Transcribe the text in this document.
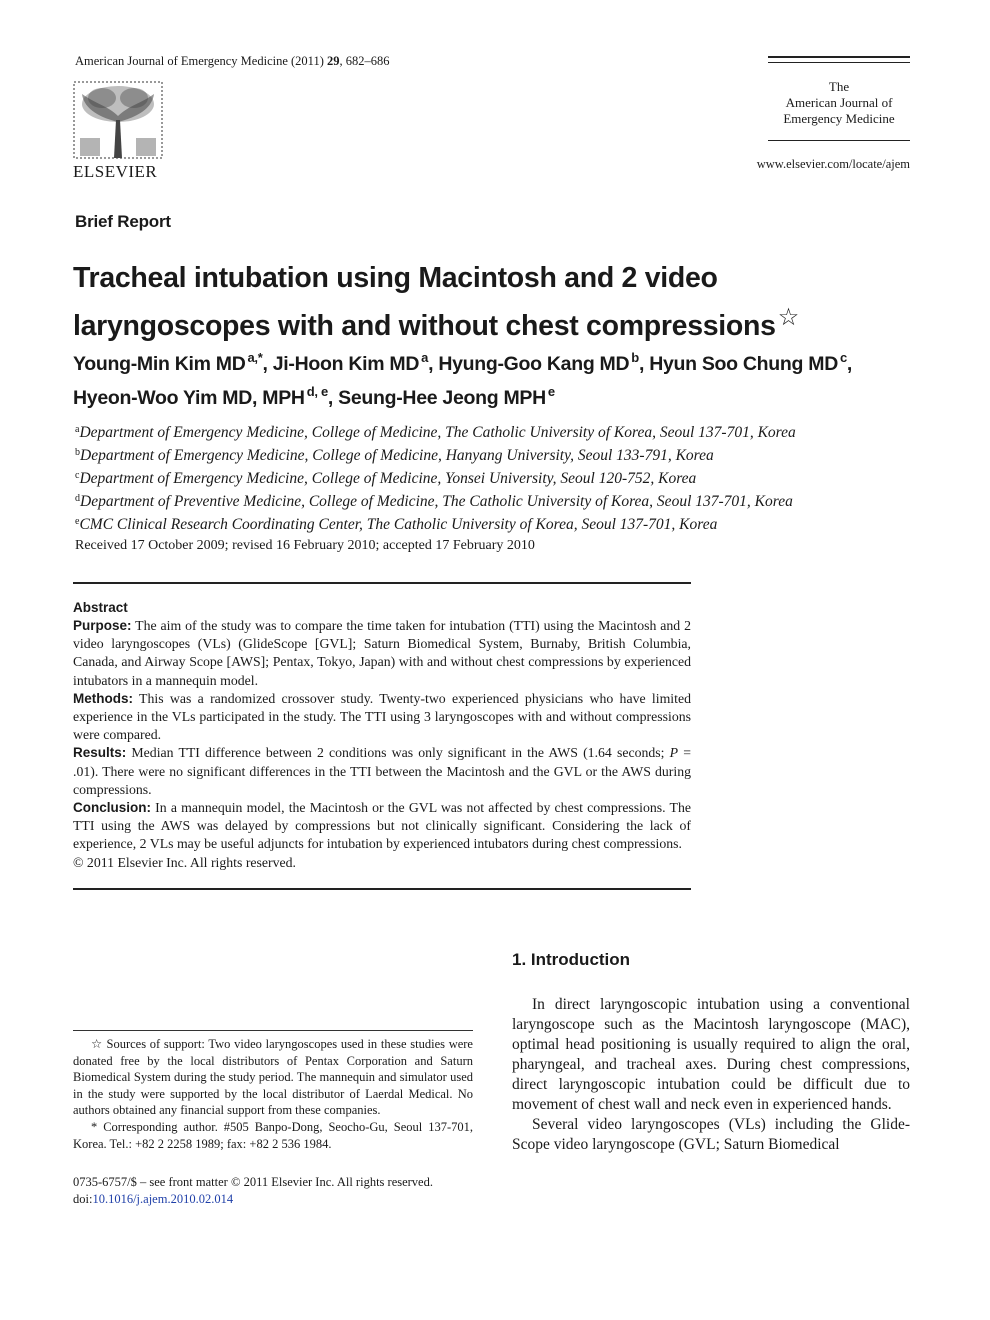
American Journal of Emergency Medicine (2011) 29, 682–686
ELSEVIER
The
American Journal of
Emergency Medicine
www.elsevier.com/locate/ajem
Brief Report
Tracheal intubation using Macintosh and 2 video
laryngoscopes with and without chest compressions☆
Young-Min Kim MD $^{a,*}$, Ji-Hoon Kim MD $^a$, Hyung-Goo Kang MD $^b$, Hyun Soo Chung MD $^c$,
Hyeon-Woo Yim MD, MPH $^{d, e}$, Seung-Hee Jeong MPH $^e$
$^a$Department of Emergency Medicine, College of Medicine, The Catholic University of Korea, Seoul 137-701, Korea
$^b$Department of Emergency Medicine, College of Medicine, Hanyang University, Seoul 133-791, Korea
$^c$Department of Emergency Medicine, College of Medicine, Yonsei University, Seoul 120-752, Korea
$^d$Department of Preventive Medicine, College of Medicine, The Catholic University of Korea, Seoul 137-701, Korea
$^e$CMC Clinical Research Coordinating Center, The Catholic University of Korea, Seoul 137-701, Korea
Received 17 October 2009; revised 16 February 2010; accepted 17 February 2010
Abstract
Purpose: The aim of the study was to compare the time taken for intubation (TTI) using the Macintosh and 2 video laryngoscopes (VLs) (GlideScope [GVL]; Saturn Biomedical System, Burnaby, British Columbia, Canada, and Airway Scope [AWS]; Pentax, Tokyo, Japan) with and without chest compressions by experienced intubators in a mannequin model.
Methods: This was a randomized crossover study. Twenty-two experienced physicians who have limited experience in the VLs participated in the study. The TTI using 3 laryngoscopes with and without compressions were compared.
Results: Median TTI difference between 2 conditions was only significant in the AWS (1.64 seconds; P = .01). There were no significant differences in the TTI between the Macintosh and the GVL or the AWS during compressions.
Conclusion: In a mannequin model, the Macintosh or the GVL was not affected by chest compressions. The TTI using the AWS was delayed by compressions but not clinically significant. Considering the lack of experience, 2 VLs may be useful adjuncts for intubation by experienced intubators during chest compressions.
© 2011 Elsevier Inc. All rights reserved.
☆ Sources of support: Two video laryngoscopes used in these studies were donated free by the local distributors of Pentax Corporation and Saturn Biomedical System during the study period. The mannequin and simulator used in the study were supported by the local distributor of Laerdal Medical. No authors obtained any financial support from these companies.
* Corresponding author. #505 Banpo-Dong, Seocho-Gu, Seoul 137-701, Korea. Tel.: +82 2 2258 1989; fax: +82 2 536 1984.
0735-6757/$ – see front matter © 2011 Elsevier Inc. All rights reserved.
doi:10.1016/j.ajem.2010.02.014
1. Introduction

In direct laryngoscopic intubation using a conventional laryngoscope such as the Macintosh laryngoscope (MAC), optimal head positioning is usually required to align the oral, pharyngeal, and tracheal axes. During chest compressions, direct laryngoscopic intubation could be difficult due to movement of chest wall and neck even in experienced hands.

Several video laryngoscopes (VLs) including the Glide-Scope video laryngoscope (GVL; Saturn Biomedical
